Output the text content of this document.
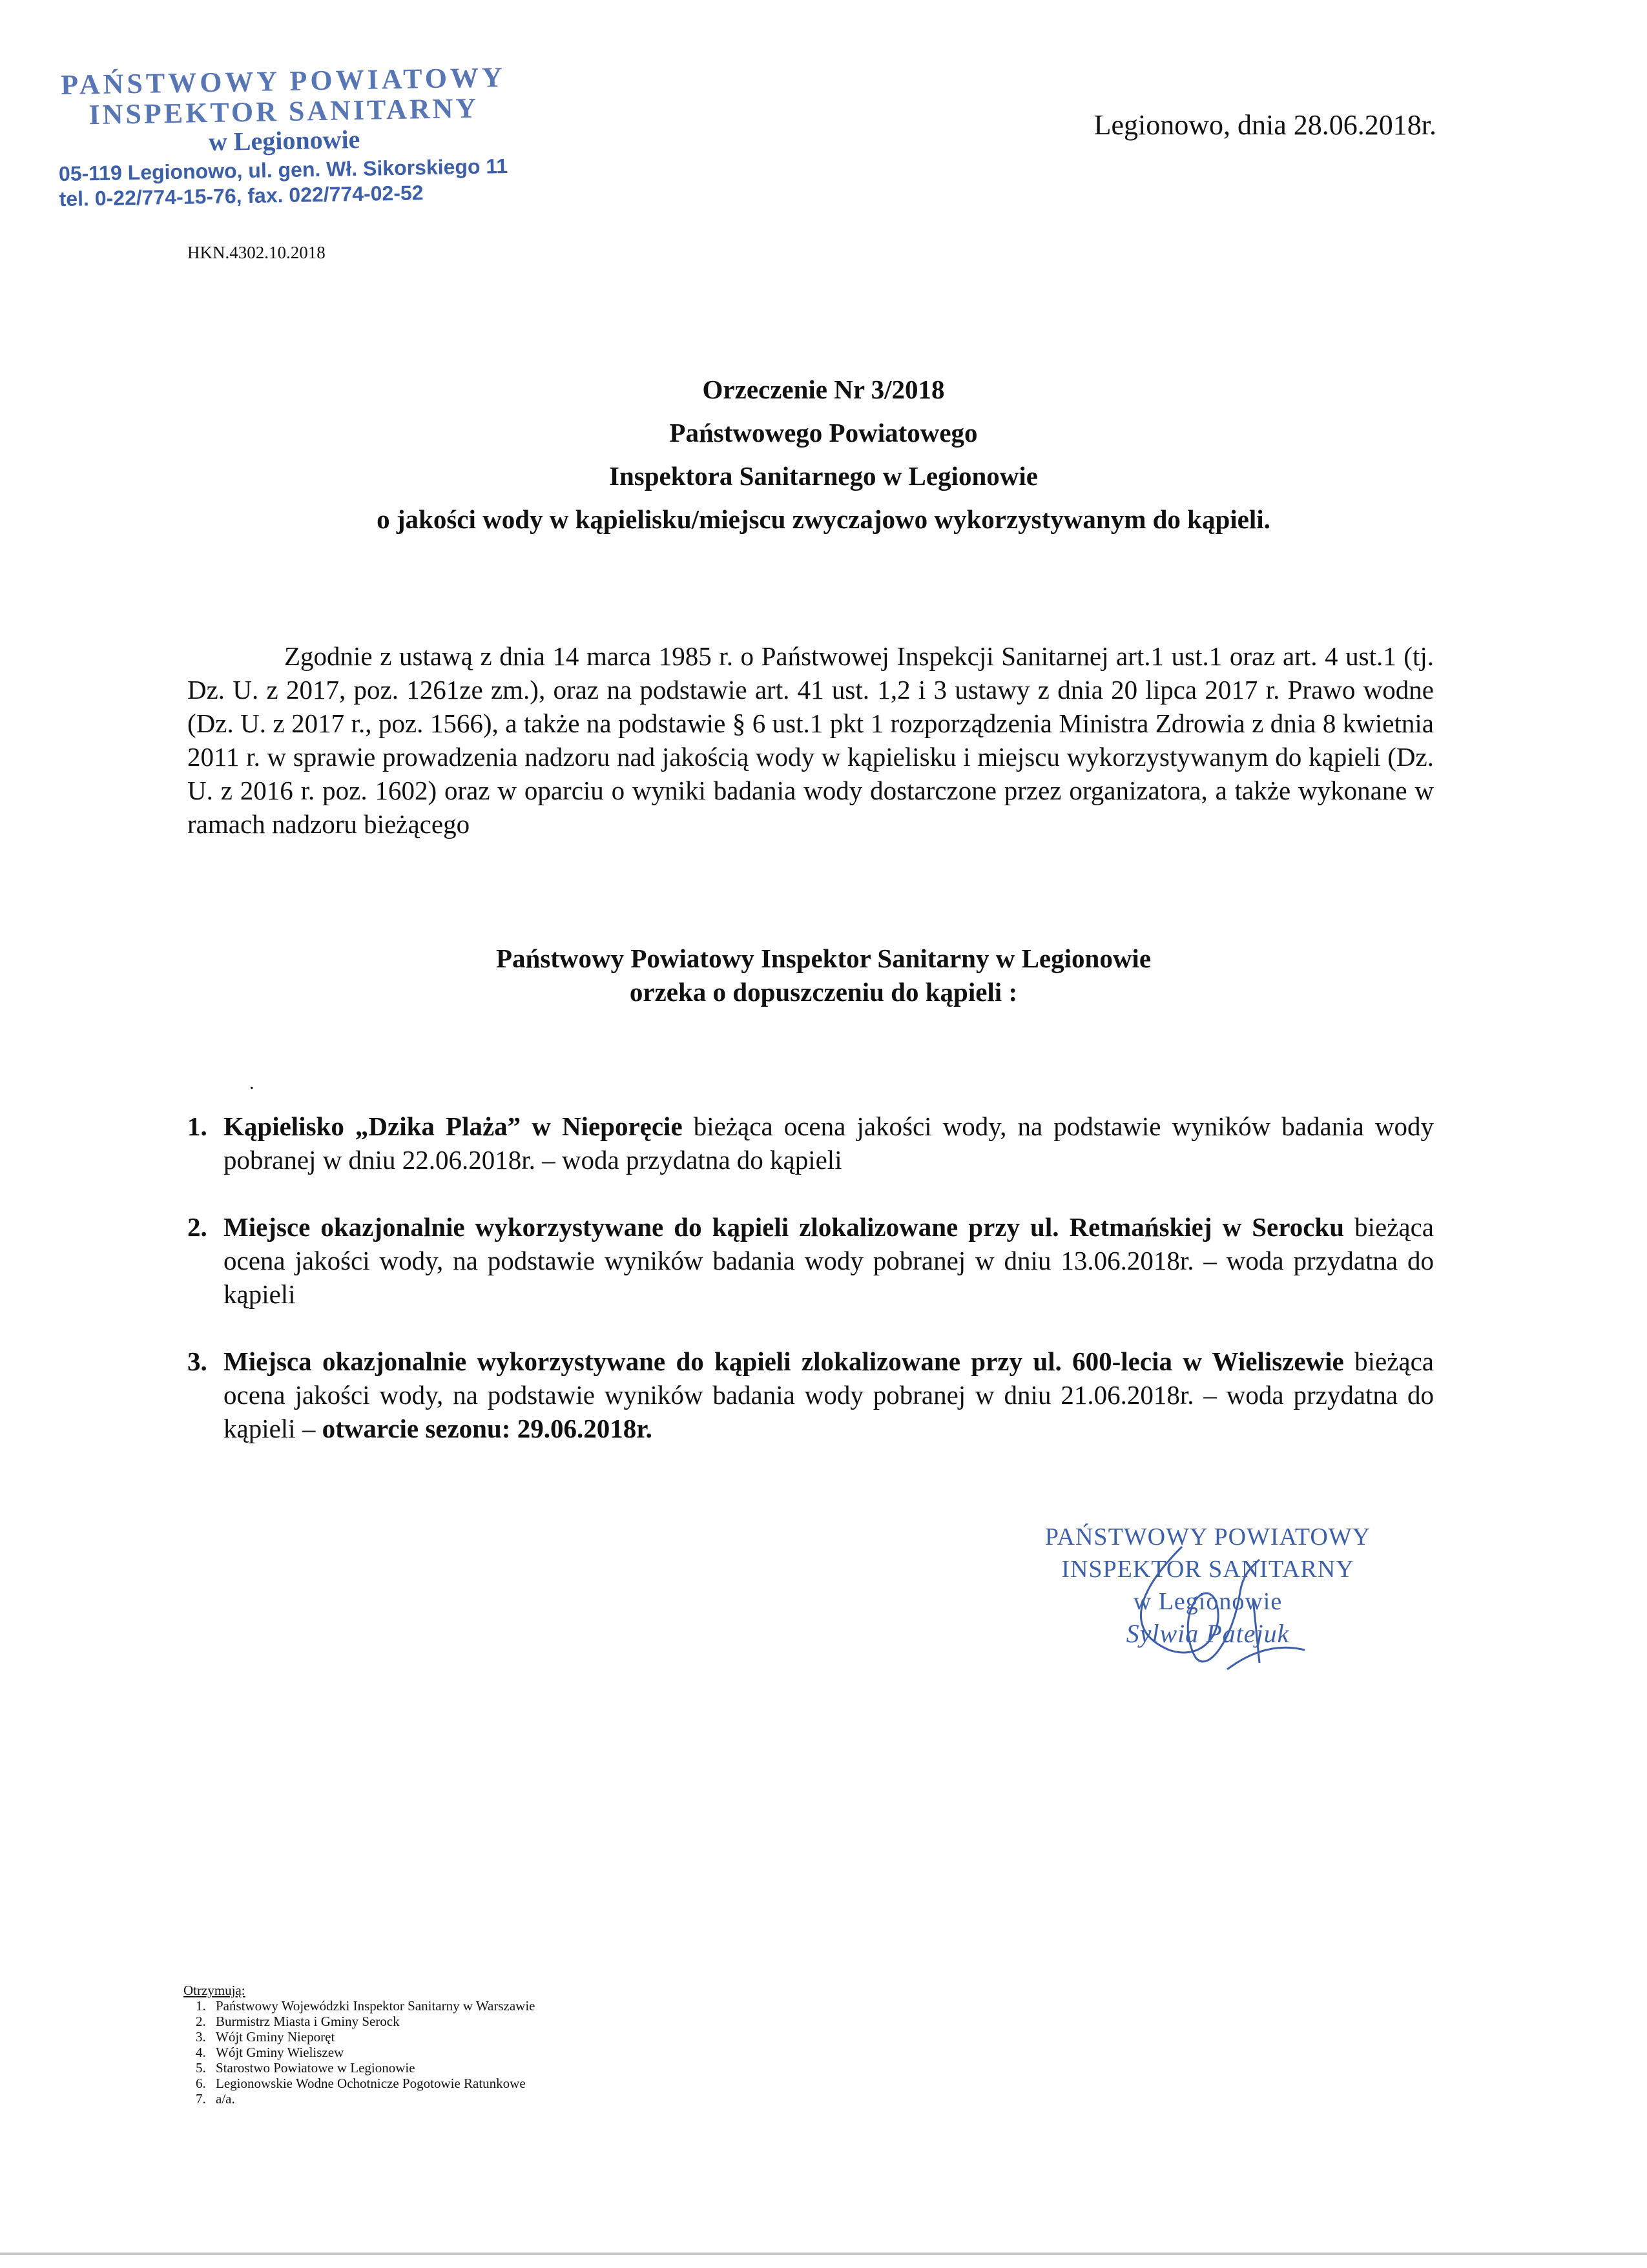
PAŃSTWOWY POWIATOWY
INSPEKTOR SANITARNY
w Legionowie
05-119 Legionowo, ul. gen. Wł. Sikorskiego 11
tel. 0-22/774-15-76, fax. 022/774-02-52
HKN.4302.10.2018
Legionowo, dnia 28.06.2018r.
Orzeczenie Nr 3/2018
Państwowego Powiatowego
Inspektora Sanitarnego w Legionowie
o jakości wody w kąpielisku/miejscu zwyczajowo wykorzystywanym do kąpieli.
Zgodnie z ustawą z dnia 14 marca 1985 r. o Państwowej Inspekcji Sanitarnej art.1 ust.1 oraz art. 4 ust.1 (tj. Dz. U. z 2017, poz. 1261ze zm.), oraz na podstawie art. 41 ust. 1,2 i 3 ustawy z dnia 20 lipca 2017 r. Prawo wodne (Dz. U. z 2017 r., poz. 1566), a także na podstawie § 6 ust.1 pkt 1 rozporządzenia Ministra Zdrowia z dnia 8 kwietnia 2011 r. w sprawie prowadzenia nadzoru nad jakością wody w kąpielisku i miejscu wykorzystywanym do kąpieli (Dz. U. z 2016 r. poz. 1602) oraz w oparciu o wyniki badania wody dostarczone przez organizatora, a także wykonane w ramach nadzoru bieżącego
Państwowy Powiatowy Inspektor Sanitarny w Legionowie
orzeka o dopuszczeniu do kąpieli :
.
1. Kąpielisko „Dzika Plaża” w Nieporęcie bieżąca ocena jakości wody, na podstawie wyników badania wody pobranej w dniu 22.06.2018r. – woda przydatna do kąpieli
2. Miejsce okazjonalnie wykorzystywane do kąpieli zlokalizowane przy ul. Retmańskiej w Serocku bieżąca ocena jakości wody, na podstawie wyników badania wody pobranej w dniu 13.06.2018r. – woda przydatna do kąpieli
3. Miejsca okazjonalnie wykorzystywane do kąpieli zlokalizowane przy ul. 600-lecia w Wieliszewie bieżąca ocena jakości wody, na podstawie wyników badania wody pobranej w dniu 21.06.2018r. – woda przydatna do kąpieli – otwarcie sezonu: 29.06.2018r.
PAŃSTWOWY POWIATOWY
INSPEKTOR SANITARNY
w Legionowie
Sylwia Patejuk
Otrzymują:
1. Państwowy Wojewódzki Inspektor Sanitarny w Warszawie
2. Burmistrz Miasta i Gminy Serock
3. Wójt Gminy Nieporęt
4. Wójt Gminy Wieliszew
5. Starostwo Powiatowe w Legionowie
6. Legionowskie Wodne Ochotnicze Pogotowie Ratunkowe
7. a/a.
